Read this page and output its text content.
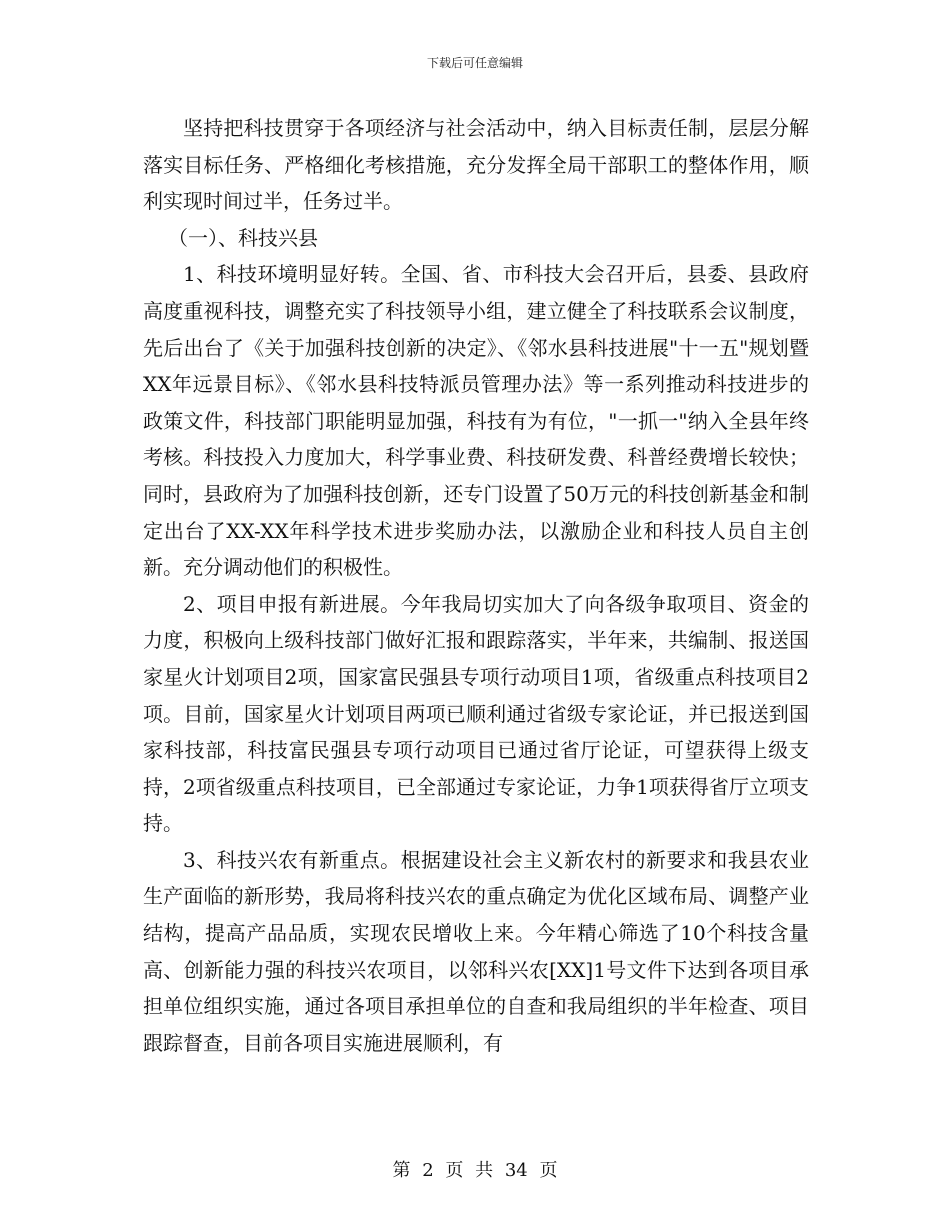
下载后可任意编辑

坚持把科技贯穿于各项经济与社会活动中，纳入目标责任制，层层分解落实目标任务、严格细化考核措施，充分发挥全局干部职工的整体作用，顺利实现时间过半，任务过半。

（一）、科技兴县

1、科技环境明显好转。全国、省、市科技大会召开后，县委、县政府高度重视科技，调整充实了科技领导小组，建立健全了科技联系会议制度，先后出台了《关于加强科技创新的决定》、《邻水县科技进展"十一五"规划暨XX年远景目标》、《邻水县科技特派员管理办法》等一系列推动科技进步的政策文件，科技部门职能明显加强，科技有为有位，"一抓一"纳入全县年终考核。科技投入力度加大，科学事业费、科技研发费、科普经费增长较快；同时，县政府为了加强科技创新，还专门设置了50万元的科技创新基金和制定出台了XX-XX年科学技术进步奖励办法，以激励企业和科技人员自主创新。充分调动他们的积极性。

2、项目申报有新进展。今年我局切实加大了向各级争取项目、资金的力度，积极向上级科技部门做好汇报和跟踪落实，半年来，共编制、报送国家星火计划项目2项，国家富民强县专项行动项目1项，省级重点科技项目2项。目前，国家星火计划项目两项已顺利通过省级专家论证，并已报送到国家科技部，科技富民强县专项行动项目已通过省厅论证，可望获得上级支持，2项省级重点科技项目，已全部通过专家论证，力争1项获得省厅立项支持。

3、科技兴农有新重点。根据建设社会主义新农村的新要求和我县农业生产面临的新形势，我局将科技兴农的重点确定为优化区域布局、调整产业结构，提高产品品质，实现农民增收上来。今年精心筛选了10个科技含量高、创新能力强的科技兴农项目，以邻科兴农[XX]1号文件下达到各项目承担单位组织实施，通过各项目承担单位的自查和我局组织的半年检查、项目跟踪督查，目前各项目实施进展顺利，有

第 2 页 共 34 页
